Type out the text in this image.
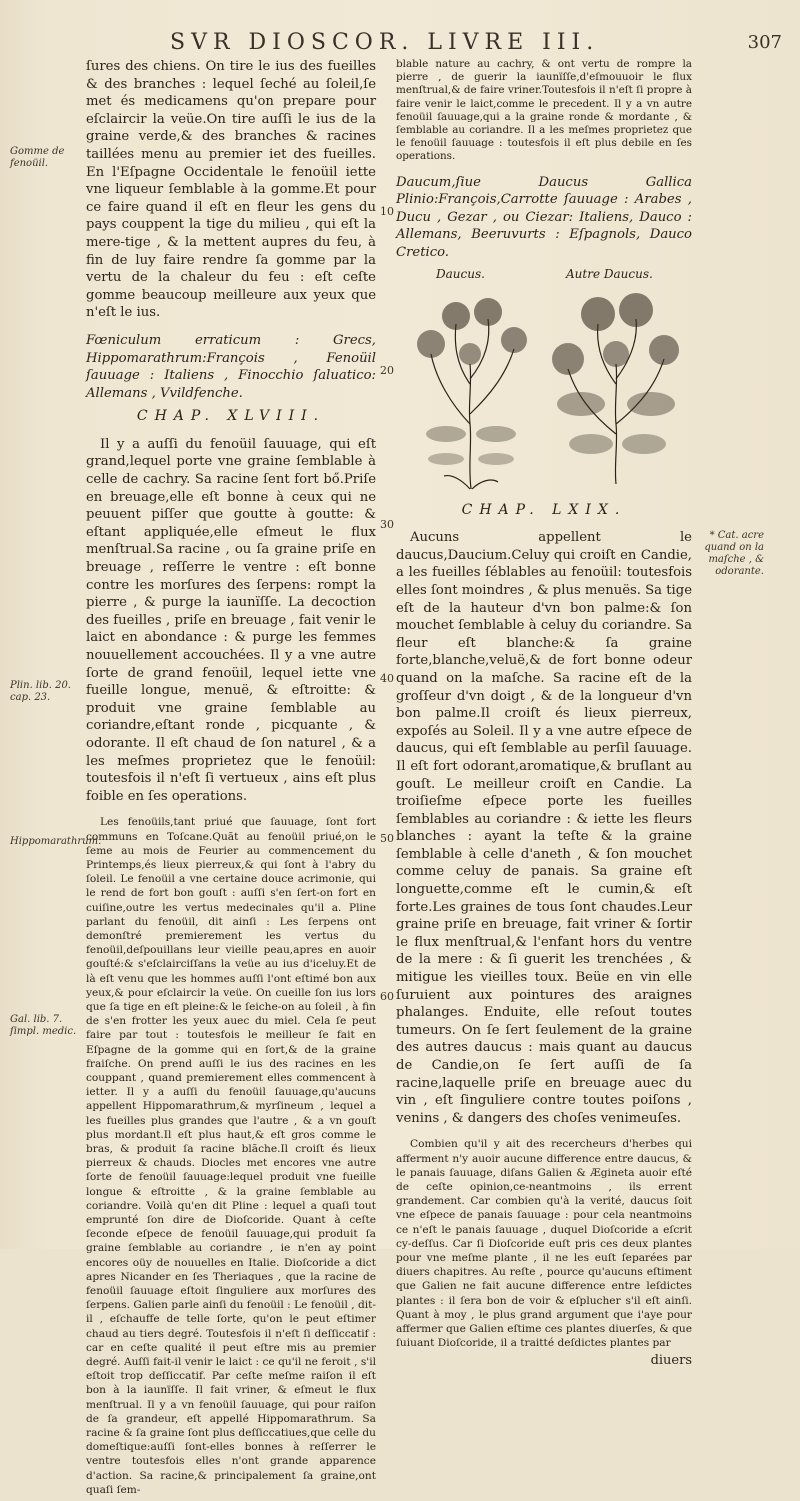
SVR DIOSCOR. LIVRE III.	307
Gomme de fenoüil.
Plin. lib. 20. cap. 23.
Hippomarathrum.
Gal. lib. 7. ſimpl. medic.
* Cat. acre quand on la maſche , & odorante.
10
20
30
40
50
60

ſures des chiens. On tire le ius des fueilles & des branches : lequel ſeché au ſoleil,ſe met és medicamens qu'on prepare pour eſclaircir la veüe.On tire auſſi le ius de la graine verde,& des branches & racines taillées menu au premier iet des fueilles. En l'Eſpagne Occidentale le fenoüil iette vne liqueur ſemblable à la gomme.Et pour ce faire quand il eſt en fleur les gens du pays couppent la tige du milieu , qui eſt la mere-tige , & la mettent aupres du feu, à fin de luy faire rendre ſa gomme par la vertu de la chaleur du feu : eſt ceſte gomme beaucoup meilleure aux yeux que n'eſt le ius.

Fœniculum erraticum : Grecs, Hippomarathrum:François , Fenoüil ſauuage : Italiens , Finocchio ſaluatico: Allemans , Vvildfenche.

CHAP. XLVIII.

Il y a auſſi du fenoüil ſauuage, qui eſt grand,lequel porte vne graine ſemblable à celle de cachry. Sa racine ſent fort bő.Priſe en breuage,elle eſt bonne à ceux qui ne peuuent piſſer que goutte à goutte: & eſtant appliquée,elle eſmeut le flux menſtrual.Sa racine , ou ſa graine priſe en breuage , reſſerre le ventre : eſt bonne contre les morſures des ſerpens: rompt la pierre , & purge la iaunïſſe. La decoction des fueilles , priſe en breuage , fait venir le laict en abondance : & purge les femmes nouuellement accouchées. Il y a vne autre ſorte de grand fenoüil, lequel iette vne fueille longue, menuë, & eſtroitte: & produit vne graine ſemblable au coriandre,eſtant ronde , picquante , & odorante. Il eſt chaud de ſon naturel , & a les meſmes proprietez que le fenoüil: toutesfois il n'eſt ſi vertueux , ains eſt plus foible en ſes operations.

Les fenoüils,tant priué que ſauuage, ſont fort communs en Toſcane.Quãt au fenoüil priué,on le ſeme au mois de Feurier au commencement du Printemps,és lieux pierreux,& qui ſont à l'abry du ſoleil. Le fenoüil a vne certaine douce acrimonie, qui le rend de fort bon gouſt : auſſi s'en ſert-on fort en cuiſine,outre les vertus medecinales qu'il a. Pline parlant du fenoüil, dit ainſi : Les ſerpens ont demonſtré premierement les vertus du fenoüil,deſpouillans leur vieille peau,apres en auoir gouſté:& s'eſclairciſſans la veüe au ius d'iceluy.Et de là eſt venu que les hommes auſſi l'ont eſtimé bon aux yeux,& pour eſclaircir la veüe. On cueille ſon ius lors que ſa tige en eſt pleine:& le ſeiche-on au ſoleil , à fin de s'en frotter les yeux auec du miel. Cela ſe peut faire par tout : toutesfois le meilleur ſe fait en Eſpagne de la gomme qui en ſort,& de la graine fraiſche. On prend auſſi le ius des racines en les couppant , quand premierement elles commencent à ietter. Il y a auſſi du fenoüil ſauuage,qu'aucuns appellent Hippomarathrum,& myrſineum , lequel a les fueilles plus grandes que l'autre , & a vn gouſt plus mordant.Il eſt plus haut,& eſt gros comme le bras, & produit ſa racine blãche.Il croiſt és lieux pierreux & chauds. Diocles met encores vne autre ſorte de fenoüil ſauuage:lequel produit vne fueille longue & eſtroitte , & la graine ſemblable au coriandre. Voilà qu'en dit Pline : lequel a quaſi tout emprunté ſon dire de Dioſcoride. Quant à ceſte ſeconde eſpece de fenoüil ſauuage,qui produit ſa graine ſemblable au coriandre , ie n'en ay point encores oüy de nouuelles en Italie. Dioſcoride a dict apres Nicander en ſes Theriaques , que la racine de fenoüil ſauuage eſtoit ſinguliere aux morſures des ſerpens. Galien parle ainſi du fenoüil : Le fenoüil , dit-il , eſchauffe de telle ſorte, qu'on le peut eſtimer chaud au tiers degré. Toutesfois il n'eſt ſi deſſiccatif : car en ceſte qualité il peut eſtre mis au premier degré. Auſſi fait-il venir le laict : ce qu'il ne feroit , s'il eſtoit trop deſſiccatif. Par ceſte meſme raiſon il eſt bon à la iaunïſſe. Il fait vriner, & eſmeut le flux menſtrual. Il y a vn fenoüil ſauuage, qui pour raiſon de ſa grandeur, eſt appellé Hippomarathrum. Sa racine & ſa graine ſont plus deſſiccatiues,que celle du domeſtique:auſſi ſont-elles bonnes à reſſerrer le ventre toutesfois elles n'ont grande apparence d'action. Sa racine,& principalement ſa graine,ont quaſi ſem-

blable nature au cachry, & ont vertu de rompre la pierre , de guerir la iaunïſſe,d'eſmouuoir le flux menſtrual,& de faire vriner.Toutesfois il n'eſt ſi propre à faire venir le laict,comme le precedent. Il y a vn autre fenoüil ſauuage,qui a la graine ronde & mordante , & ſemblable au coriandre. Il a les meſmes proprietez que le fenoüil ſauuage : toutesfois il eſt plus debile en ſes operations.

Daucum,ſiue Daucus Gallica Plinio:François,Carrotte ſauuage : Arabes , Ducu , Gezar , ou Ciezar: Italiens, Dauco : Allemans, Beeruvurts : Eſpagnols, Dauco Cretico.

Daucus.	Autre Daucus.
CHAP. LXIX.

Aucuns appellent le daucus,Daucium.Celuy qui croiſt en Candie, a les fueilles ſéblables au fenoüil: toutesfois elles ſont moindres , & plus menuës. Sa tige eſt de la hauteur d'vn bon palme:& ſon mouchet ſemblable à celuy du coriandre. Sa fleur eſt blanche:& ſa graine forte,blanche,veluë,& de fort bonne odeur quand on la maſche. Sa racine eſt de la groſſeur d'vn doigt , & de la longueur d'vn bon palme.Il croiſt és lieux pierreux, expoſés au Soleil. Il y a vne autre eſpece de daucus, qui eſt ſemblable au perſil ſauuage. Il eſt fort odorant,aromatique,& bruſlant au gouſt. Le meilleur croiſt en Candie. La troiſieſme eſpece porte les fueilles ſemblables au coriandre : & iette les fleurs blanches : ayant la teſte & la graine ſemblable à celle d'aneth , & ſon mouchet comme celuy de panais. Sa graine eſt longuette,comme eſt le cumin,& eſt forte.Les graines de tous ſont chaudes.Leur graine priſe en breuage, fait vriner & ſortir le flux menſtrual,& l'enfant hors du ventre de la mere : & ſi guerit les trenchées , & mitigue les vieilles toux. Beüe en vin elle ſuruient aux pointures des araignes phalanges. Enduite, elle reſout toutes tumeurs. On ſe ſert ſeulement de la graine des autres daucus : mais quant au daucus de Candie,on ſe ſert auſſi de ſa racine,laquelle priſe en breuage auec du vin , eſt ſinguliere contre toutes poiſons , venins , & dangers des choſes venimeuſes.

Combien qu'il y ait des recercheurs d'herbes qui afferment n'y auoir aucune difference entre daucus, & le panais ſauuage, diſans Galien & Ægineta auoir eſté de ceſte opinion,ce-neantmoins , ils errent grandement. Car combien qu'à la verité, daucus ſoit vne eſpece de panais ſauuage : pour cela neantmoins ce n'eſt le panais ſauuage , duquel Dioſcoride a eſcrit cy-deſſus. Car ſi Dioſcoride euſt pris ces deux plantes pour vne meſme plante , il ne les euſt ſeparées par diuers chapitres. Au reſte , pource qu'aucuns eſtiment que Galien ne fait aucune difference entre leſdictes plantes : il ſera bon de voir & eſplucher s'il eſt ainſi. Quant à moy , le plus grand argument que i'aye pour affermer que Galien eſtime ces plantes diuerſes, & que ſuiuant Dioſcoride, il a traitté deſdictes plantes par

diuers
